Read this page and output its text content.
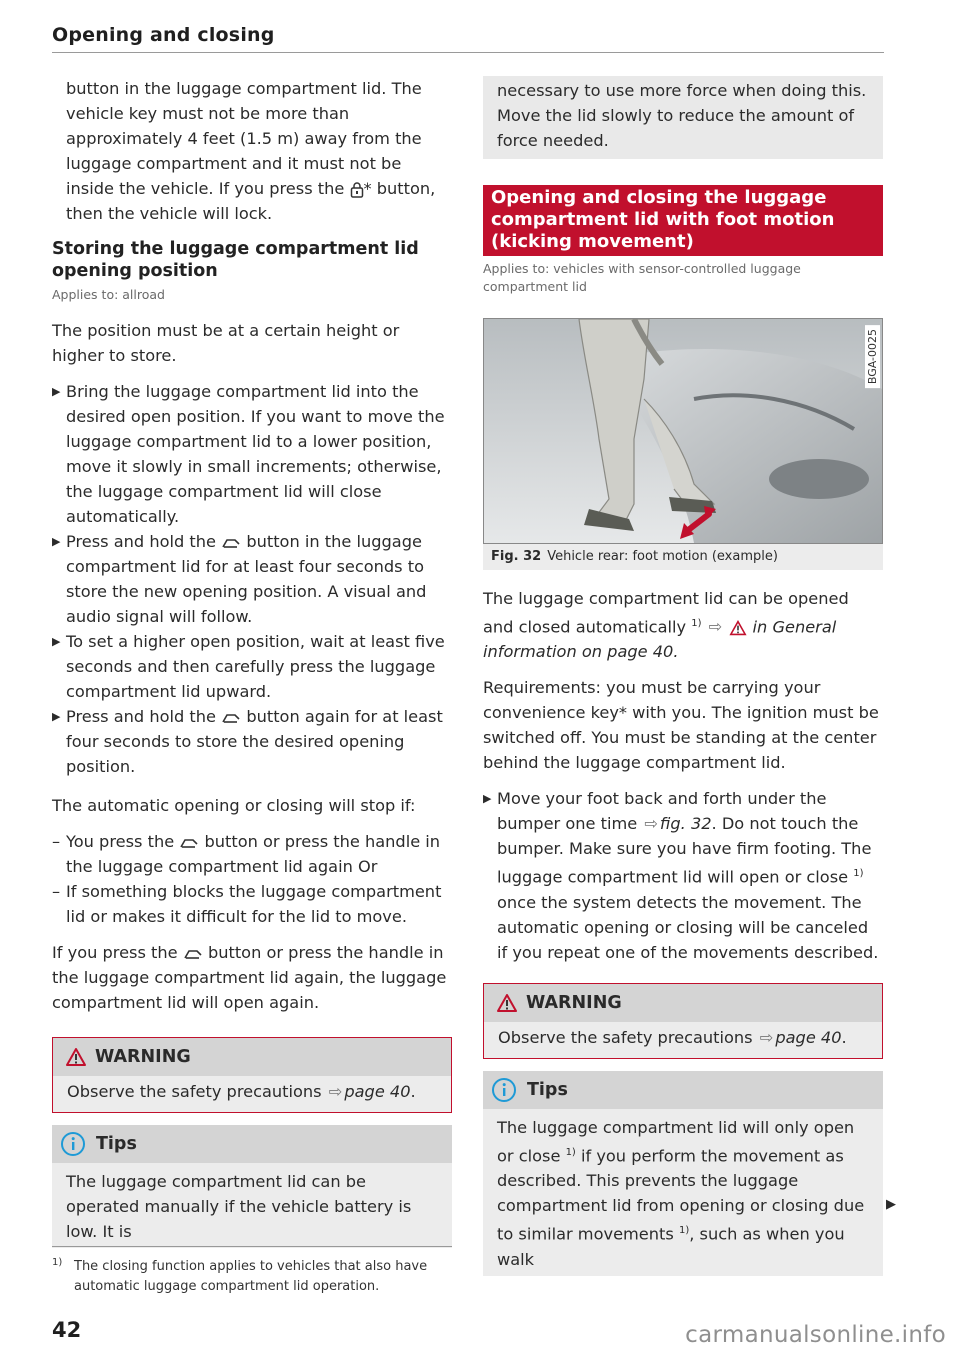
Opening and closing

button in the luggage compartment lid. The vehicle key must not be more than approximately 4 feet (1.5 m) away from the luggage compartment and it must not be inside the vehicle. If you press the * button, then the vehicle will lock.

Storing the luggage compartment lid opening position
Applies to: allroad

The position must be at a certain height or higher to store.

▶ Bring the luggage compartment lid into the desired open position. If you want to move the luggage compartment lid to a lower position, move it slowly in small increments; otherwise, the luggage compartment lid will close automatically.
▶ Press and hold the button in the luggage compartment lid for at least four seconds to store the new opening position. A visual and audio signal will follow.
▶ To set a higher open position, wait at least five seconds and then carefully press the luggage compartment lid upward.
▶ Press and hold the button again for at least four seconds to store the desired opening position.

The automatic opening or closing will stop if:

– You press the button or press the handle in the luggage compartment lid again Or
– If something blocks the luggage compartment lid or makes it difficult for the lid to move.

If you press the button or press the handle in the luggage compartment lid again, the luggage compartment lid will open again.

WARNING
Observe the safety precautions ⇨ page 40.
Tips
The luggage compartment lid can be operated manually if the vehicle battery is low. It is

necessary to use more force when doing this. Move the lid slowly to reduce the amount of force needed.

Opening and closing the luggage compartment lid with foot motion (kicking movement)
Applies to: vehicles with sensor-controlled luggage compartment lid
BGA-0025
Fig. 32 Vehicle rear: foot motion (example)

The luggage compartment lid can be opened and closed automatically $^{1)}$ ⇨ in General information on page 40.

Requirements: you must be carrying your convenience key* with you. The ignition must be switched off. You must be standing at the center behind the luggage compartment lid.

▶ Move your foot back and forth under the bumper one time ⇨ fig. 32. Do not touch the bumper. Make sure you have firm footing. The luggage compartment lid will open or close $^{1)}$ once the system detects the movement. The automatic opening or closing will be canceled if you repeat one of the movements described.
WARNING
Observe the safety precautions ⇨ page 40.
Tips
The luggage compartment lid will only open or close $^{1)}$ if you perform the movement as described. This prevents the luggage compartment lid from opening or closing due to similar movements $^{1)}$, such as when you walk
▶
1) The closing function applies to vehicles that also have automatic luggage compartment lid operation.
42	carmanualsonline.info
